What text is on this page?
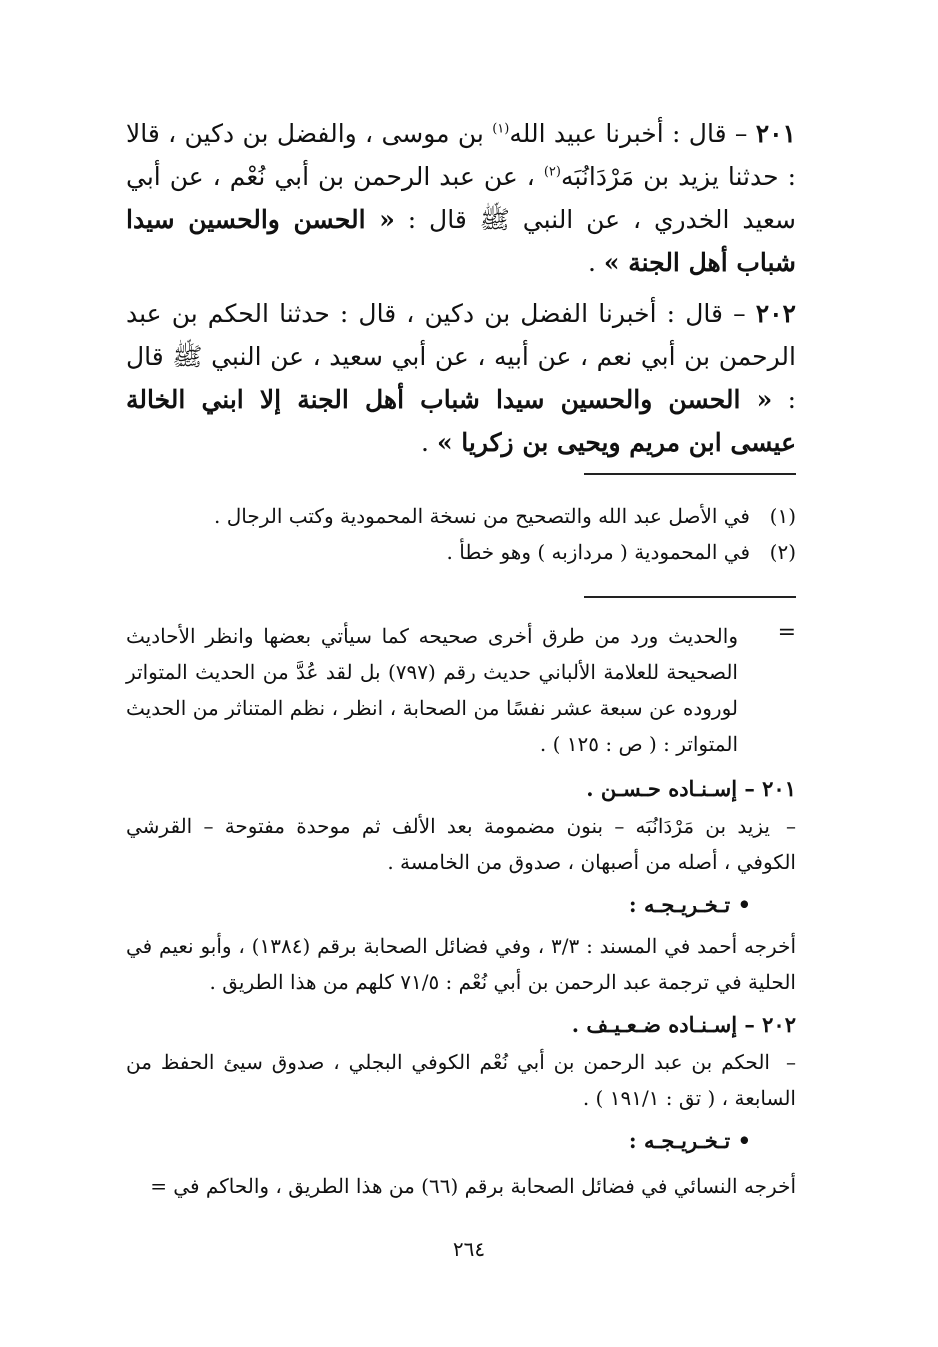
٢٠١ – قال : أخبرنا عبيد الله$^{(١)}$ بن موسى ، والفضل بن دكين ، قالا : حدثنا يزيد بن مَرْدَانُبَه$^{(٢)}$ ، عن عبد الرحمن بن أبي نُعْم ، عن أبي سعيد الخدري ، عن النبي ﷺ قال : « الحسن والحسين سيدا شباب أهل الجنة » .

٢٠٢ – قال : أخبرنا الفضل بن دكين ، قال : حدثنا الحكم بن عبد الرحمن بن أبي نعم ، عن أبيه ، عن أبي سعيد ، عن النبي ﷺ قال : « الحسن والحسين سيدا شباب أهل الجنة إلا ابني الخالة عيسى ابن مريم ويحيى بن زكريا » .

(١)
في الأصل عبد الله والتصحيح من نسخة المحمودية وكتب الرجال .
(٢)
في المحمودية ( مردازبه ) وهو خطأ .
=
والحديث ورد من طرق أخرى صحيحه كما سيأتي بعضها وانظر الأحاديث الصحيحة للعلامة الألباني حديث رقم (٧٩٧) بل لقد عُدَّ من الحديث المتواتر لوروده عن سبعة عشر نفسًا من الصحابة ، انظر ، نظم المتناثر من الحديث المتواتر : ( ص : ١٢٥ ) .
٢٠١ – إسـنـاده حـسـن .
–يزيد بن مَرْدَانُبَه – بنون مضمومة بعد الألف ثم موحدة مفتوحة – القرشي الكوفي ، أصله من أصبهان ، صدوق من الخامسة .
• تـخـريـجـه :
أخرجه أحمد في المسند : ٣/٣ ، وفي فضائل الصحابة برقم (١٣٨٤) ، وأبو نعيم في الحلية في ترجمة عبد الرحمن بن أبي نُعْم : ٧١/٥ كلهم من هذا الطريق .
٢٠٢ – إسـنـاده ضـعـيـف .
–الحكم بن عبد الرحمن بن أبي نُعْم الكوفي البجلي ، صدوق سيئ الحفظ من السابعة ، ( تق : ١٩١/١ ) .
• تـخـريـجـه :
أخرجه النسائي في فضائل الصحابة برقم (٦٦) من هذا الطريق ، والحاكم في =
٢٦٤
